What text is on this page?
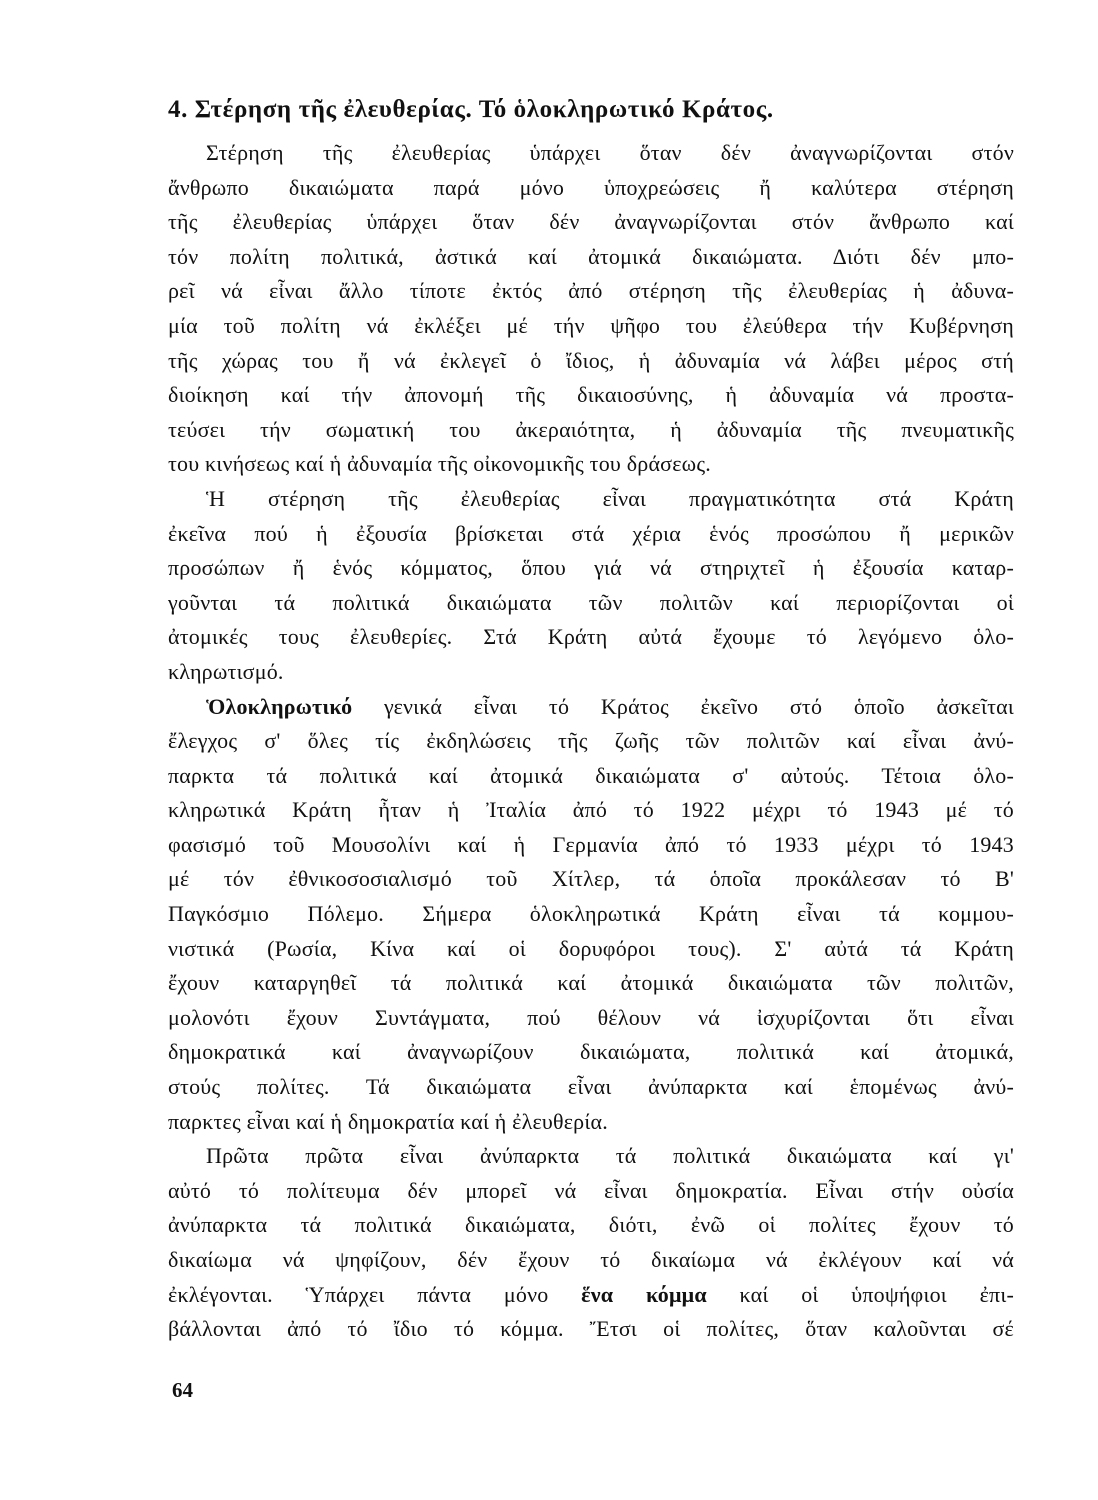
4. Στέρηση τῆς ἐλευθερίας. Τό ὁλοκληρωτικό Κράτος.
Στέρηση τῆς ἐλευθερίας ὑπάρχει ὅταν δέν ἀναγνωρίζονται στόν
ἄνθρωπο δικαιώματα παρά μόνο ὑποχρεώσεις ἤ καλύτερα στέρηση
τῆς ἐλευθερίας ὑπάρχει ὅταν δέν ἀναγνωρίζονται στόν ἄνθρωπο καί
τόν πολίτη πολιτικά, ἀστικά καί ἀτομικά δικαιώματα. Διότι δέν μπο-
ρεῖ νά εἶναι ἄλλο τίποτε ἐκτός ἀπό στέρηση τῆς ἐλευθερίας ἡ ἀδυνα-
μία τοῦ πολίτη νά ἐκλέξει μέ τήν ψῆφο του ἐλεύθερα τήν Κυβέρνηση
τῆς χώρας του ἤ νά ἐκλεγεῖ ὁ ἴδιος, ἡ ἀδυναμία νά λάβει μέρος στή
διοίκηση καί τήν ἀπονομή τῆς δικαιοσύνης, ἡ ἀδυναμία νά προστα-
τεύσει τήν σωματική του ἀκεραιότητα, ἡ ἀδυναμία τῆς πνευματικῆς
του κινήσεως καί ἡ ἀδυναμία τῆς οἰκονομικῆς του δράσεως.
Ἡ στέρηση τῆς ἐλευθερίας εἶναι πραγματικότητα στά Κράτη
ἐκεῖνα πού ἡ ἐξουσία βρίσκεται στά χέρια ἑνός προσώπου ἤ μερικῶν
προσώπων ἤ ἑνός κόμματος, ὅπου γιά νά στηριχτεῖ ἡ ἐξουσία καταρ-
γοῦνται τά πολιτικά δικαιώματα τῶν πολιτῶν καί περιορίζονται οἱ
ἀτομικές τους ἐλευθερίες. Στά Κράτη αὐτά ἔχουμε τό λεγόμενο ὁλο-
κληρωτισμό.
Ὁλοκληρωτικό γενικά εἶναι τό Κράτος ἐκεῖνο στό ὁποῖο ἀσκεῖται
ἔλεγχος σ' ὅλες τίς ἐκδηλώσεις τῆς ζωῆς τῶν πολιτῶν καί εἶναι ἀνύ-
παρκτα τά πολιτικά καί ἀτομικά δικαιώματα σ' αὐτούς. Τέτοια ὁλο-
κληρωτικά Κράτη ἦταν ἡ Ἰταλία ἀπό τό 1922 μέχρι τό 1943 μέ τό
φασισμό τοῦ Μουσολίνι καί ἡ Γερμανία ἀπό τό 1933 μέχρι τό 1943
μέ τόν ἐθνικοσοσιαλισμό τοῦ Χίτλερ, τά ὁποῖα προκάλεσαν τό Β'
Παγκόσμιο Πόλεμο. Σήμερα ὁλοκληρωτικά Κράτη εἶναι τά κομμου-
νιστικά (Ρωσία, Κίνα καί οἱ δορυφόροι τους). Σ' αὐτά τά Κράτη
ἔχουν καταργηθεῖ τά πολιτικά καί ἀτομικά δικαιώματα τῶν πολιτῶν,
μολονότι ἔχουν Συντάγματα, πού θέλουν νά ἰσχυρίζονται ὅτι εἶναι
δημοκρατικά καί ἀναγνωρίζουν δικαιώματα, πολιτικά καί ἀτομικά,
στούς πολίτες. Τά δικαιώματα εἶναι ἀνύπαρκτα καί ἑπομένως ἀνύ-
παρκτες εἶναι καί ἡ δημοκρατία καί ἡ ἐλευθερία.
Πρῶτα πρῶτα εἶναι ἀνύπαρκτα τά πολιτικά δικαιώματα καί γι'
αὐτό τό πολίτευμα δέν μπορεῖ νά εἶναι δημοκρατία. Εἶναι στήν οὐσία
ἀνύπαρκτα τά πολιτικά δικαιώματα, διότι, ἐνῶ οἱ πολίτες ἔχουν τό
δικαίωμα νά ψηφίζουν, δέν ἔχουν τό δικαίωμα νά ἐκλέγουν καί νά
ἐκλέγονται. Ὑπάρχει πάντα μόνο ἕνα κόμμα καί οἱ ὑποψήφιοι ἐπι-
βάλλονται ἀπό τό ἴδιο τό κόμμα. Ἔτσι οἱ πολίτες, ὅταν καλοῦνται σέ
64
